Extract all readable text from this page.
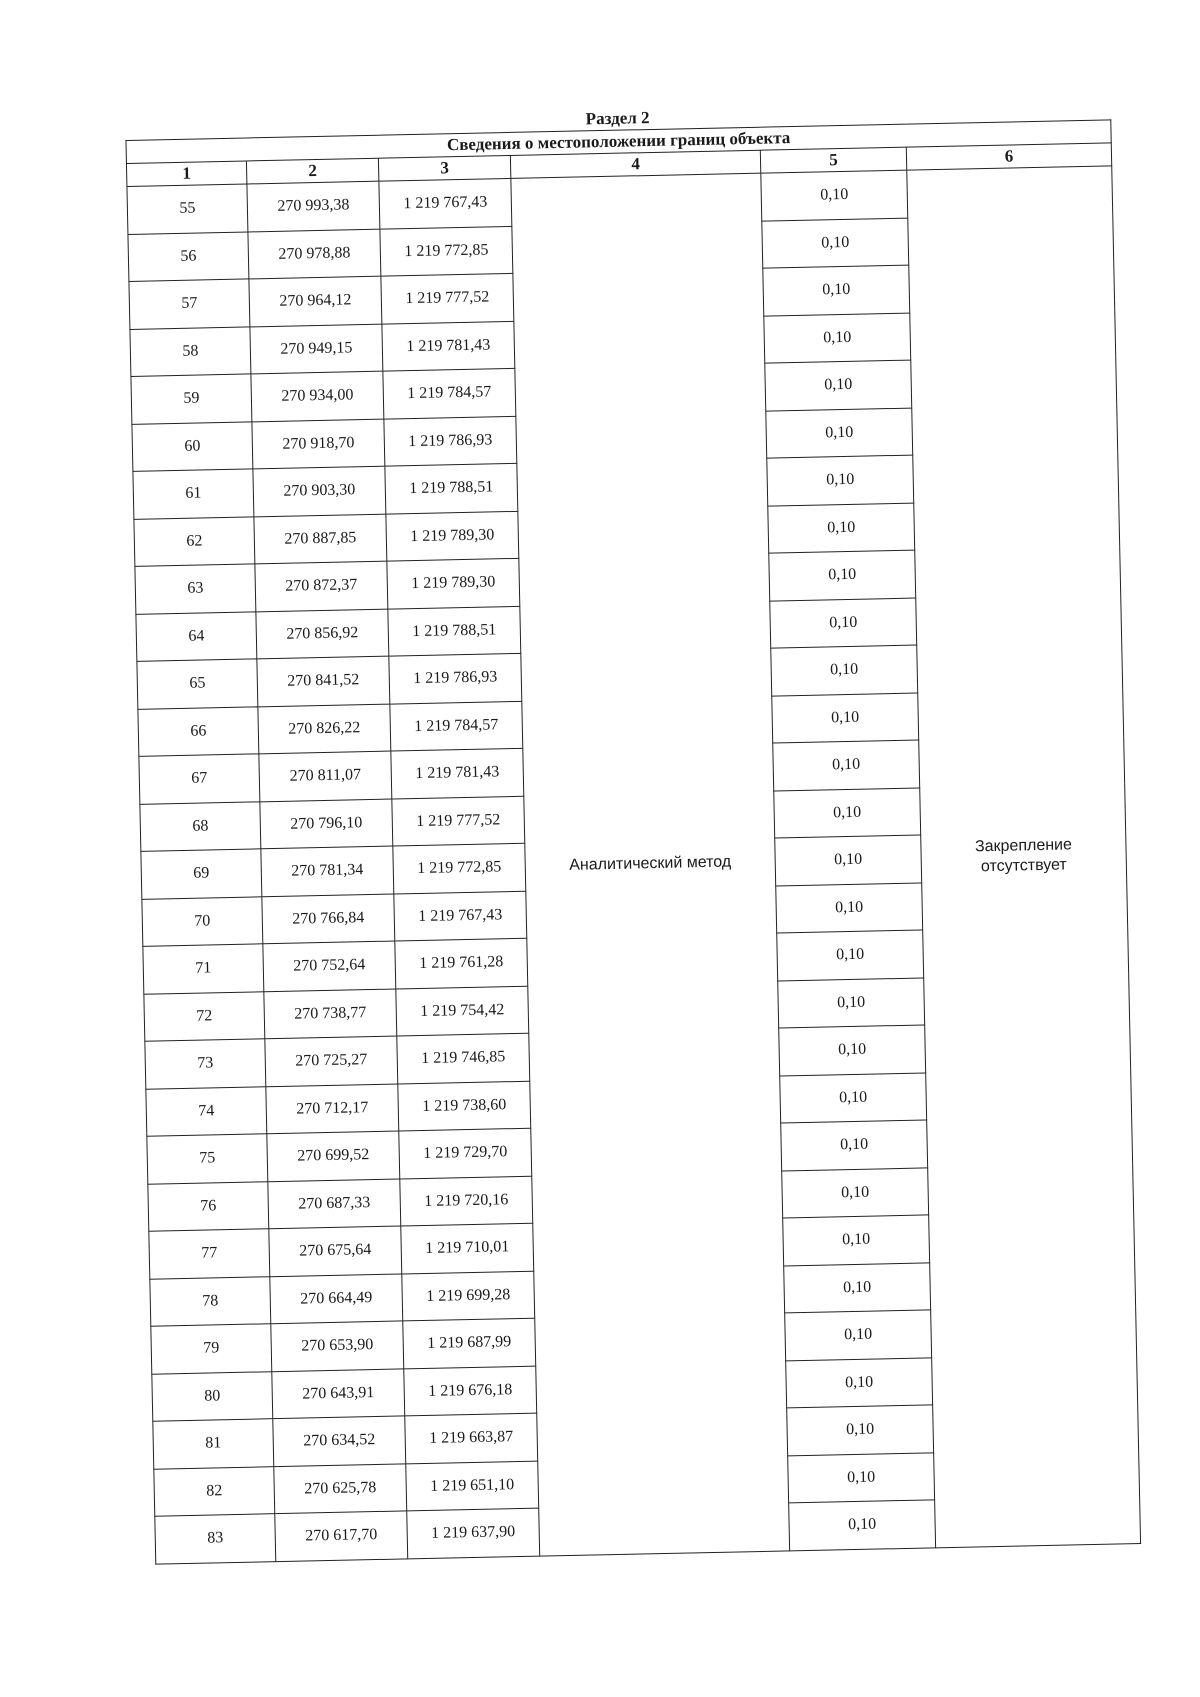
Раздел 2
Сведения о местоположении границ объекта					
1	2	3	4	5	6
55	270 993,38	1 219 767,43	Аналитический метод	0,10	Закрепление
отсутствует

56	270 978,88	1 219 772,85		0,10	
57	270 964,12	1 219 777,52		0,10	
58	270 949,15	1 219 781,43		0,10	
59	270 934,00	1 219 784,57		0,10	
60	270 918,70	1 219 786,93		0,10	
61	270 903,30	1 219 788,51		0,10	
62	270 887,85	1 219 789,30		0,10	
63	270 872,37	1 219 789,30		0,10	
64	270 856,92	1 219 788,51		0,10	
65	270 841,52	1 219 786,93		0,10	
66	270 826,22	1 219 784,57		0,10	
67	270 811,07	1 219 781,43		0,10	
68	270 796,10	1 219 777,52		0,10	
69	270 781,34	1 219 772,85		0,10	
70	270 766,84	1 219 767,43		0,10	
71	270 752,64	1 219 761,28		0,10	
72	270 738,77	1 219 754,42		0,10	
73	270 725,27	1 219 746,85		0,10	
74	270 712,17	1 219 738,60		0,10	
75	270 699,52	1 219 729,70		0,10	
76	270 687,33	1 219 720,16		0,10	
77	270 675,64	1 219 710,01		0,10	
78	270 664,49	1 219 699,28		0,10	
79	270 653,90	1 219 687,99		0,10	
80	270 643,91	1 219 676,18		0,10	
81	270 634,52	1 219 663,87		0,10	
82	270 625,78	1 219 651,10		0,10	
83	270 617,70	1 219 637,90		0,10	
